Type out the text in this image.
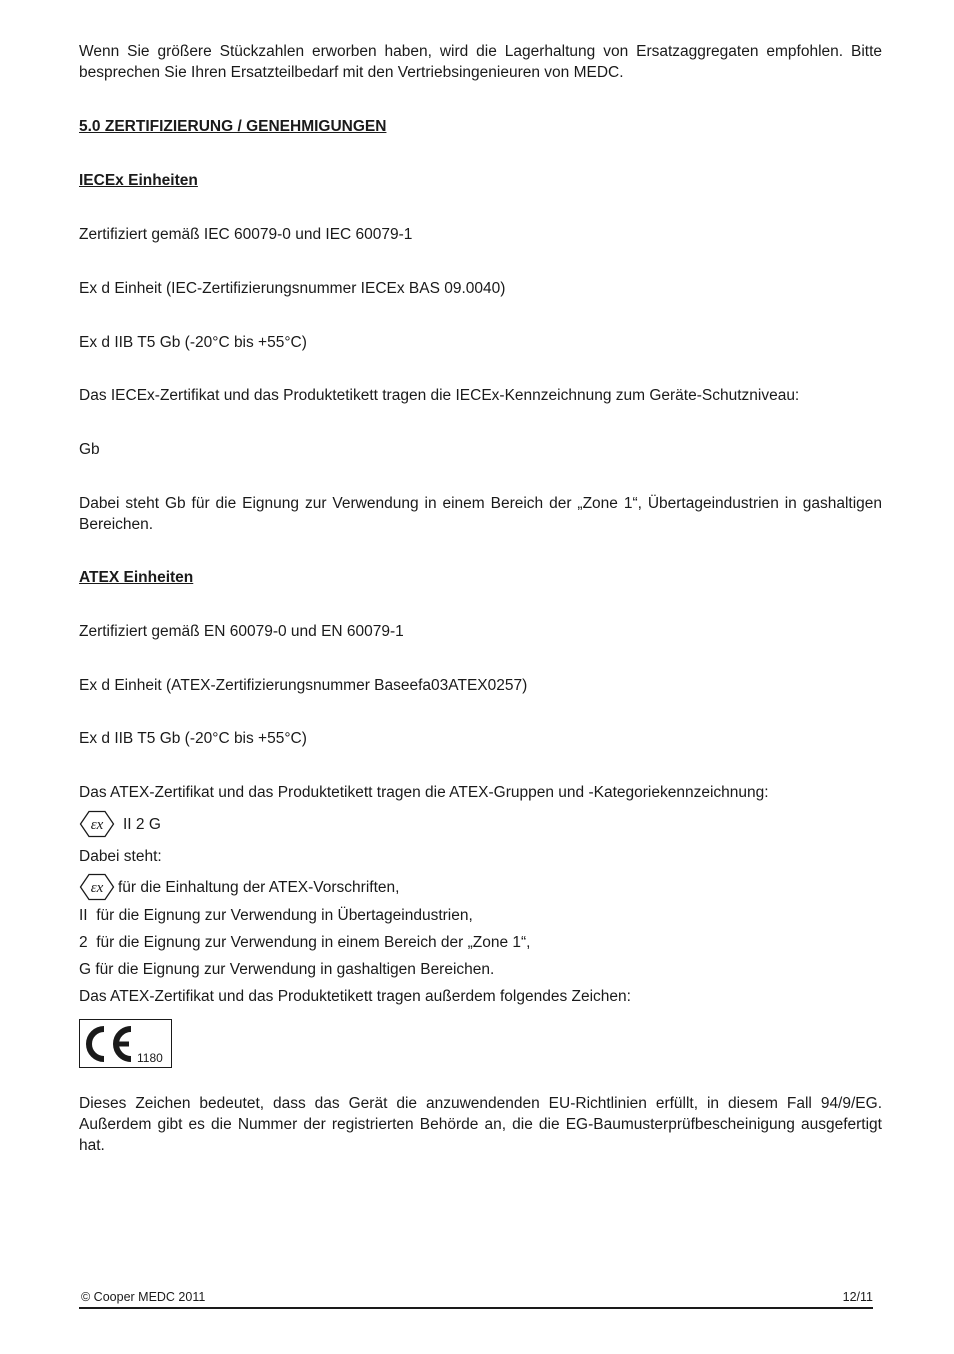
Wenn Sie größere Stückzahlen erworben haben, wird die Lagerhaltung von Ersatzaggregaten empfohlen. Bitte besprechen Sie Ihren Ersatzteilbedarf mit den Vertriebsingenieuren von MEDC.

5.0 ZERTIFIZIERUNG / GENEHMIGUNGEN

IECEx Einheiten

Zertifiziert gemäß IEC 60079-0 und IEC 60079-1

Ex d Einheit (IEC-Zertifizierungsnummer IECEx BAS 09.0040)

Ex d IIB T5 Gb (-20°C bis +55°C)

Das IECEx-Zertifikat und das Produktetikett tragen die IECEx-Kennzeichnung zum Geräte-Schutzniveau:

Gb

Dabei steht Gb für die Eignung zur Verwendung in einem Bereich der „Zone 1“, Übertageindustrien in gashaltigen Bereichen.

ATEX Einheiten

Zertifiziert gemäß EN 60079-0 und EN 60079-1

Ex d Einheit (ATEX-Zertifizierungsnummer Baseefa03ATEX0257)

Ex d IIB T5 Gb (-20°C bis +55°C)

Das ATEX-Zertifikat und das Produktetikett tragen die ATEX-Gruppen und -Kategoriekennzeichnung:

εx II 2 G

Dabei steht:

εx für die Einhaltung der ATEX-Vorschriften,

II  für die Eignung zur Verwendung in Übertageindustrien,

2  für die Eignung zur Verwendung in einem Bereich der „Zone 1“,

G für die Eignung zur Verwendung in gashaltigen Bereichen.

Das ATEX-Zertifikat und das Produktetikett tragen außerdem folgendes Zeichen:

1180

Dieses Zeichen bedeutet, dass das Gerät die anzuwendenden EU-Richtlinien erfüllt, in diesem Fall 94/9/EG. Außerdem gibt es die Nummer der registrierten Behörde an, die die EG-Baumusterprüfbescheinigung ausgefertigt hat.

© Cooper MEDC 2011	12/11
